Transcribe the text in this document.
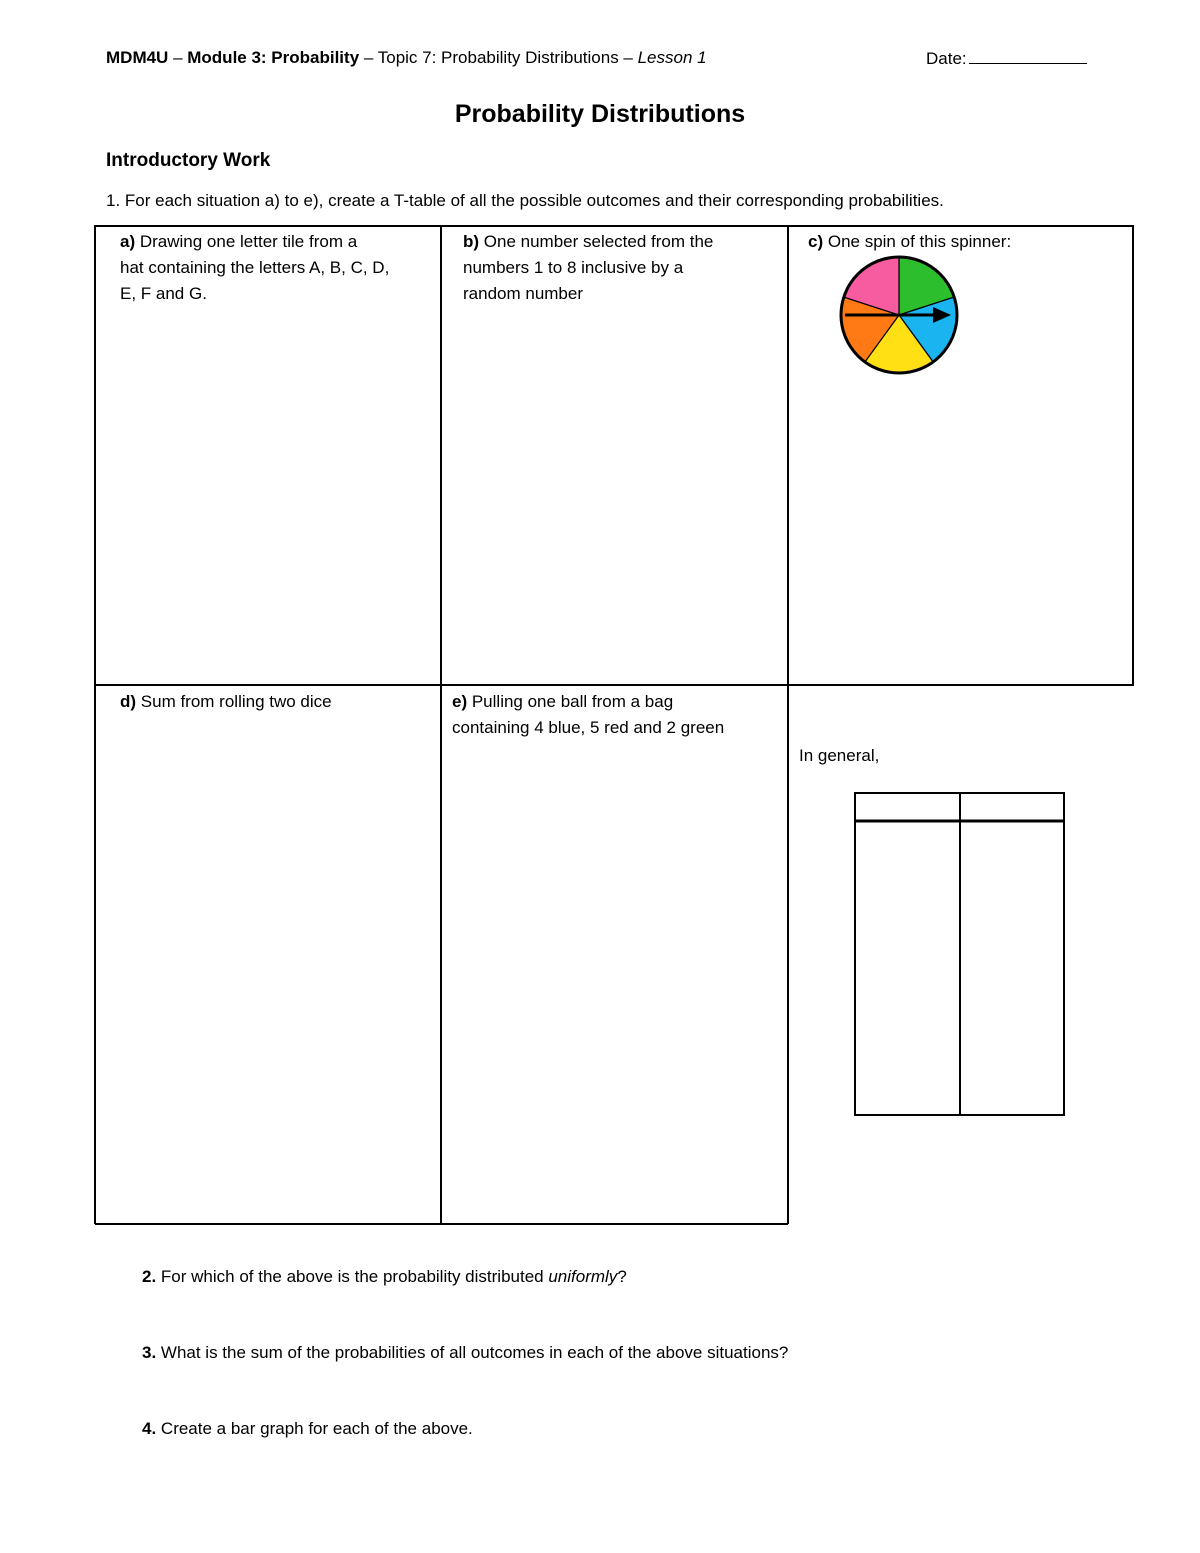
MDM4U – Module 3: Probability – Topic 7: Probability Distributions – Lesson 1	Date:
Probability Distributions
Introductory Work
1. For each situation a) to e), create a T-table of all the possible outcomes and their corresponding probabilities.
a) Drawing one letter tile from a
hat containing the letters A, B, C, D,
E, F and G.
b) One number selected from the
numbers 1 to 8 inclusive by a
random number
c) One spin of this spinner:
d) Sum from rolling two dice	e) Pulling one ball from a bag
containing 4 blue, 5 red and 2 green
In general,
2. For which of the above is the probability distributed uniformly?
3. What is the sum of the probabilities of all outcomes in each of the above situations?
4. Create a bar graph for each of the above.
